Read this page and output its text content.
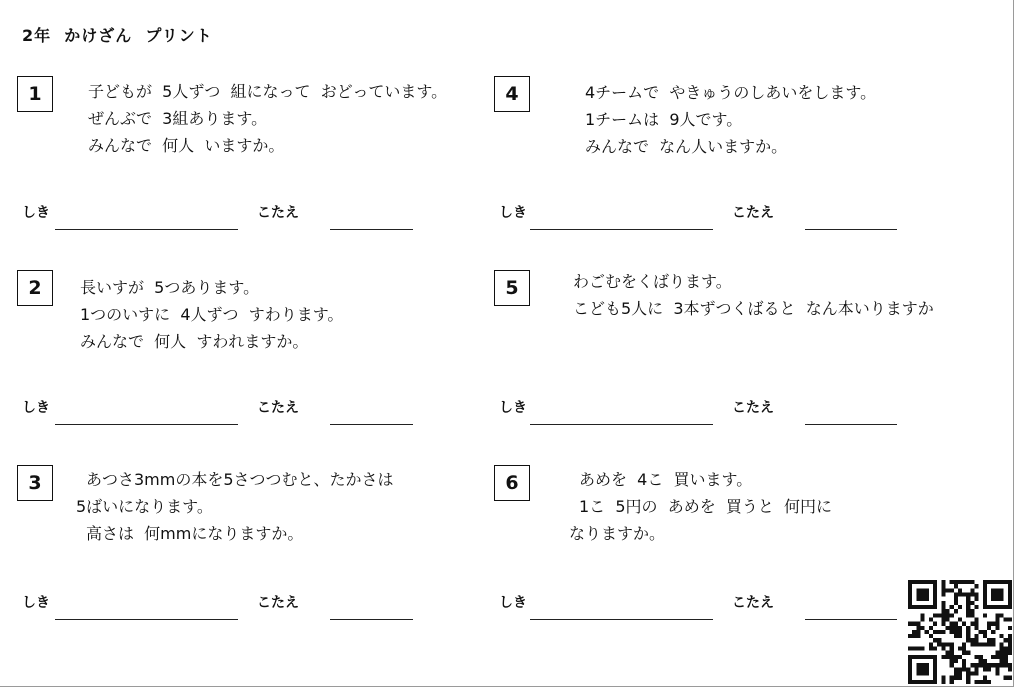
2年  かけざん  プリント
1	子どもが  5人ずつ  組になって  おどっています。
ぜんぶで  3組あります。
みんなで  何人  いますか。
しき	こたえ
2	長いすが  5つあります。
1つのいすに  4人ずつ  すわります。
みんなで  何人  すわれますか。
しき	こたえ
3	あつさ3mmの本を5さつつむと、たかさは
5ばいになります。
高さは  何mmになりますか。
しき	こたえ
4	4チームで  やきゅうのしあいをします。
1チームは  9人です。
みんなで  なん人いますか。
しき	こたえ
5	わごむをくばります。
こども5人に  3本ずつくばると  なん本いりますか
しき	こたえ
6	あめを  4こ  買います。
1こ  5円の  あめを  買うと  何円に
なりますか。
しき	こたえ
